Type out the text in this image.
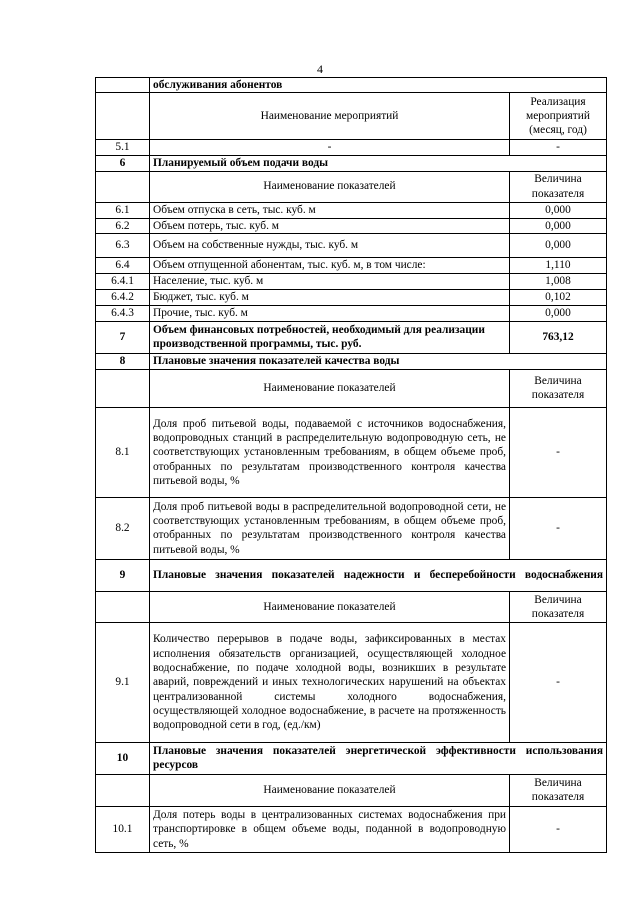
4
	обслуживания абонентов	
	Наименование мероприятий	Реализация мероприятий (месяц, год)
5.1	-	-
6	Планируемый объем подачи воды	
	Наименование показателей	Величина показателя
6.1	Объем отпуска в сеть, тыс. куб. м	0,000
6.2	Объем потерь, тыс. куб. м	0,000
6.3	Объем на собственные нужды, тыс. куб. м	0,000
6.4	Объем отпущенной абонентам, тыс. куб. м, в том числе:	1,110
6.4.1	Население, тыс. куб. м	1,008
6.4.2	Бюджет, тыс. куб. м	0,102
6.4.3	Прочие, тыс. куб. м	0,000
7	Объем финансовых потребностей, необходимый для реализации производственной программы, тыс. руб.	763,12
8	Плановые значения показателей качества воды	
	Наименование показателей	Величина показателя
8.1	Доля проб питьевой воды, подаваемой с источников водоснабжения, водопроводных станций в распределительную водопроводную сеть, не соответствующих установленным требованиям, в общем объеме проб, отобранных по результатам производственного контроля качества питьевой воды, %	-
8.2	Доля проб питьевой воды в распределительной водопроводной сети, не соответствующих установленным требованиям, в общем объеме проб, отобранных по результатам производственного контроля качества питьевой воды, %	-
9	Плановые значения показателей надежности и бесперебойности водоснабжения	
	Наименование показателей	Величина показателя
9.1	Количество перерывов в подаче воды, зафиксированных в местах исполнения обязательств организацией, осуществляющей холодное водоснабжение, по подаче холодной воды, возникших в результате аварий, повреждений и иных технологических нарушений на объектах централизованной системы холодного водоснабжения, осуществляющей холодное водоснабжение, в расчете на протяженность водопроводной сети в год, (ед./км)	-
10	Плановые значения показателей энергетической эффективности использования ресурсов	
	Наименование показателей	Величина показателя
10.1	Доля потерь воды в централизованных системах водоснабжения при транспортировке в общем объеме воды, поданной в водопроводную сеть, %	-
